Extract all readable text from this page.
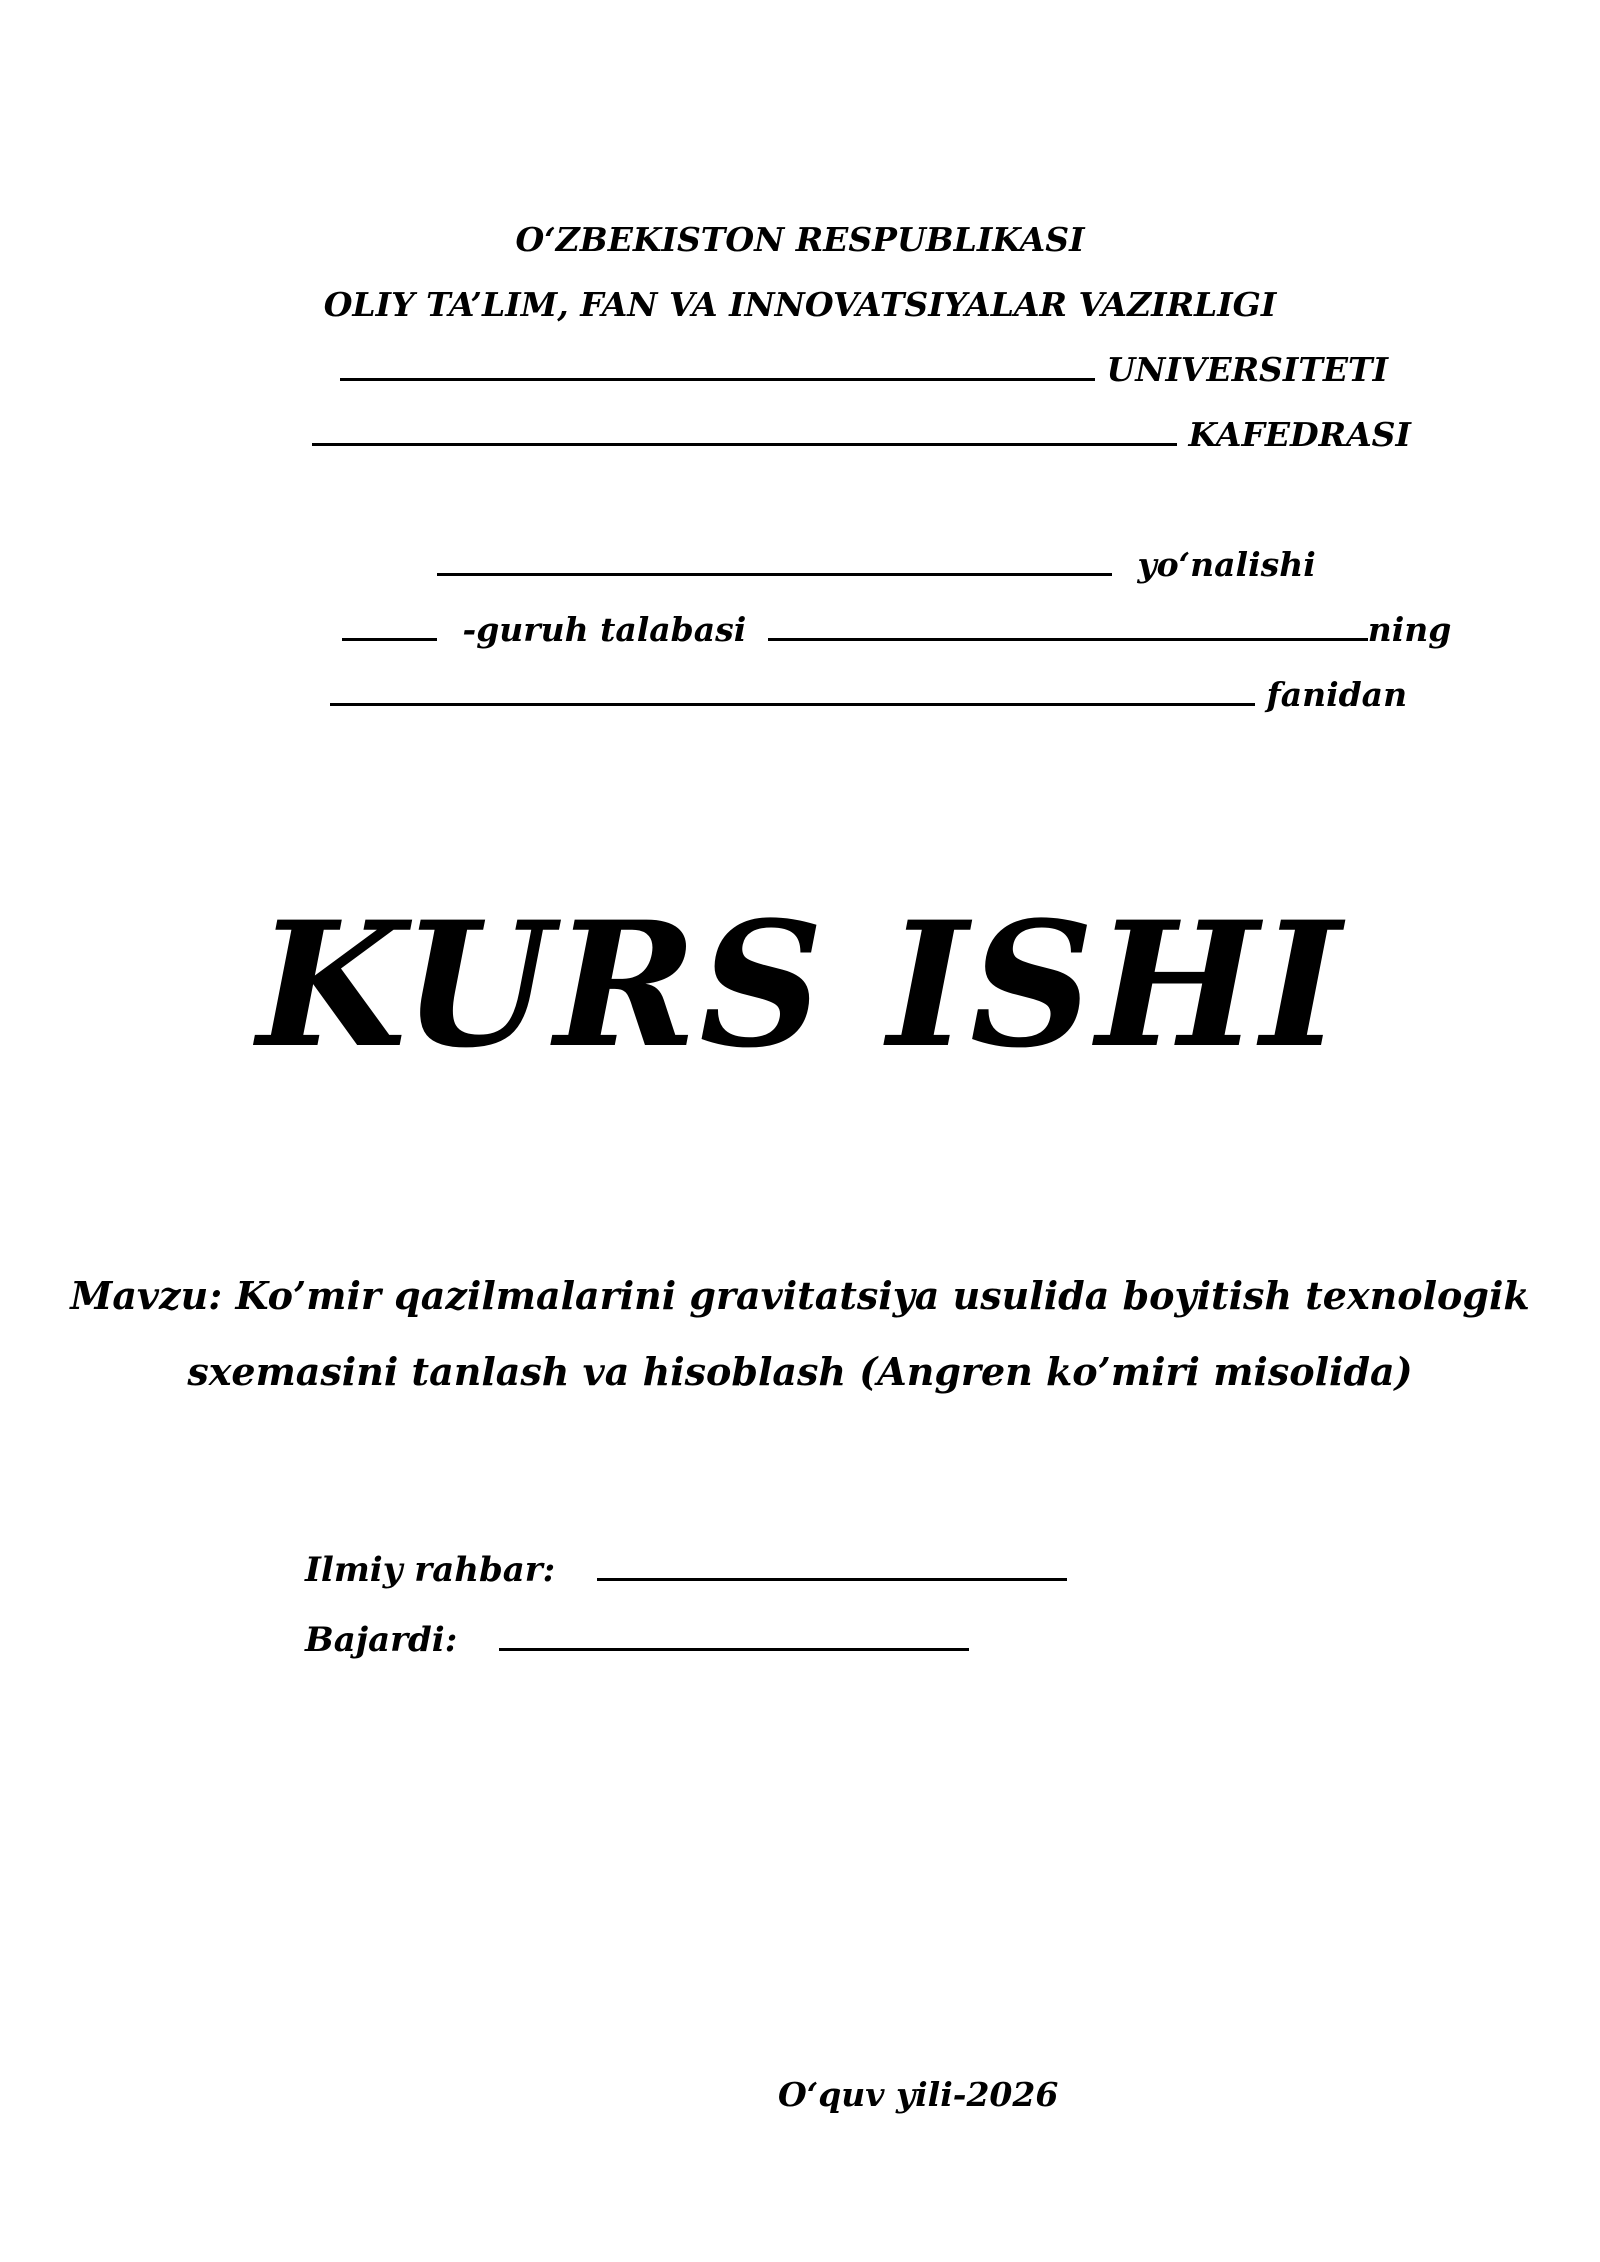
O‘ZBEKISTON RESPUBLIKASI
OLIY TA’LIM, FAN VA INNOVATSIYALAR VAZIRLIGI
UNIVERSITETI
KAFEDRASI
yo‘nalishi
-guruh talabasi	ning
fanidan
KURS ISHI
Mavzu: Ko’mir qazilmalarini gravitatsiya usulida boyitish texnologik
sxemasini tanlash va hisoblash (Angren ko’miri misolida)
Ilmiy rahbar:
Bajardi:
O‘quv yili-2026
